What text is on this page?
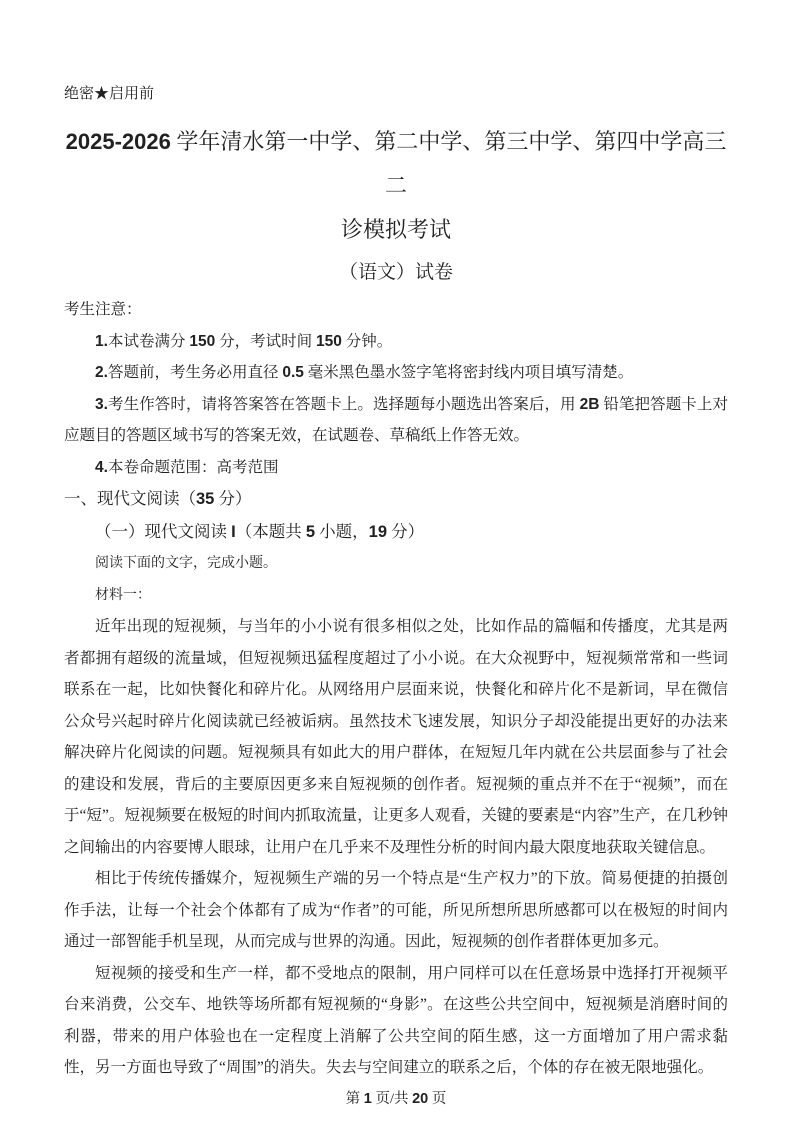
绝密★启用前
2025-2026 学年清水第一中学、第二中学、第三中学、第四中学高三二
诊模拟考试
（语文）试卷

考生注意：

1.本试卷满分 150 分，考试时间 150 分钟。

2.答题前，考生务必用直径 0.5 毫米黑色墨水签字笔将密封线内项目填写清楚。

3.考生作答时，请将答案答在答题卡上。选择题每小题选出答案后，用 2B 铅笔把答题卡上对应题目的答题区域书写的答案无效，在试题卷、草稿纸上作答无效。

4.本卷命题范围：高考范围

一、现代文阅读（35 分）

（一）现代文阅读 I（本题共 5 小题，19 分）

阅读下面的文字，完成小题。

材料一：

近年出现的短视频，与当年的小小说有很多相似之处，比如作品的篇幅和传播度，尤其是两者都拥有超级的流量域，但短视频迅猛程度超过了小小说。在大众视野中，短视频常常和一些词联系在一起，比如快餐化和碎片化。从网络用户层面来说，快餐化和碎片化不是新词，早在微信公众号兴起时碎片化阅读就已经被诟病。虽然技术飞速发展，知识分子却没能提出更好的办法来解决碎片化阅读的问题。短视频具有如此大的用户群体，在短短几年内就在公共层面参与了社会的建设和发展，背后的主要原因更多来自短视频的创作者。短视频的重点并不在于“视频”，而在于“短”。短视频要在极短的时间内抓取流量，让更多人观看，关键的要素是“内容”生产，在几秒钟之间输出的内容要博人眼球，让用户在几乎来不及理性分析的时间内最大限度地获取关键信息。

相比于传统传播媒介，短视频生产端的另一个特点是“生产权力”的下放。简易便捷的拍摄创作手法，让每一个社会个体都有了成为“作者”的可能，所见所想所思所感都可以在极短的时间内通过一部智能手机呈现，从而完成与世界的沟通。因此，短视频的创作者群体更加多元。

短视频的接受和生产一样，都不受地点的限制，用户同样可以在任意场景中选择打开视频平台来消费，公交车、地铁等场所都有短视频的“身影”。在这些公共空间中，短视频是消磨时间的利器，带来的用户体验也在一定程度上消解了公共空间的陌生感，这一方面增加了用户需求黏性，另一方面也导致了“周围”的消失。失去与空间建立的联系之后，个体的存在被无限地强化。

第 1 页/共 20 页
